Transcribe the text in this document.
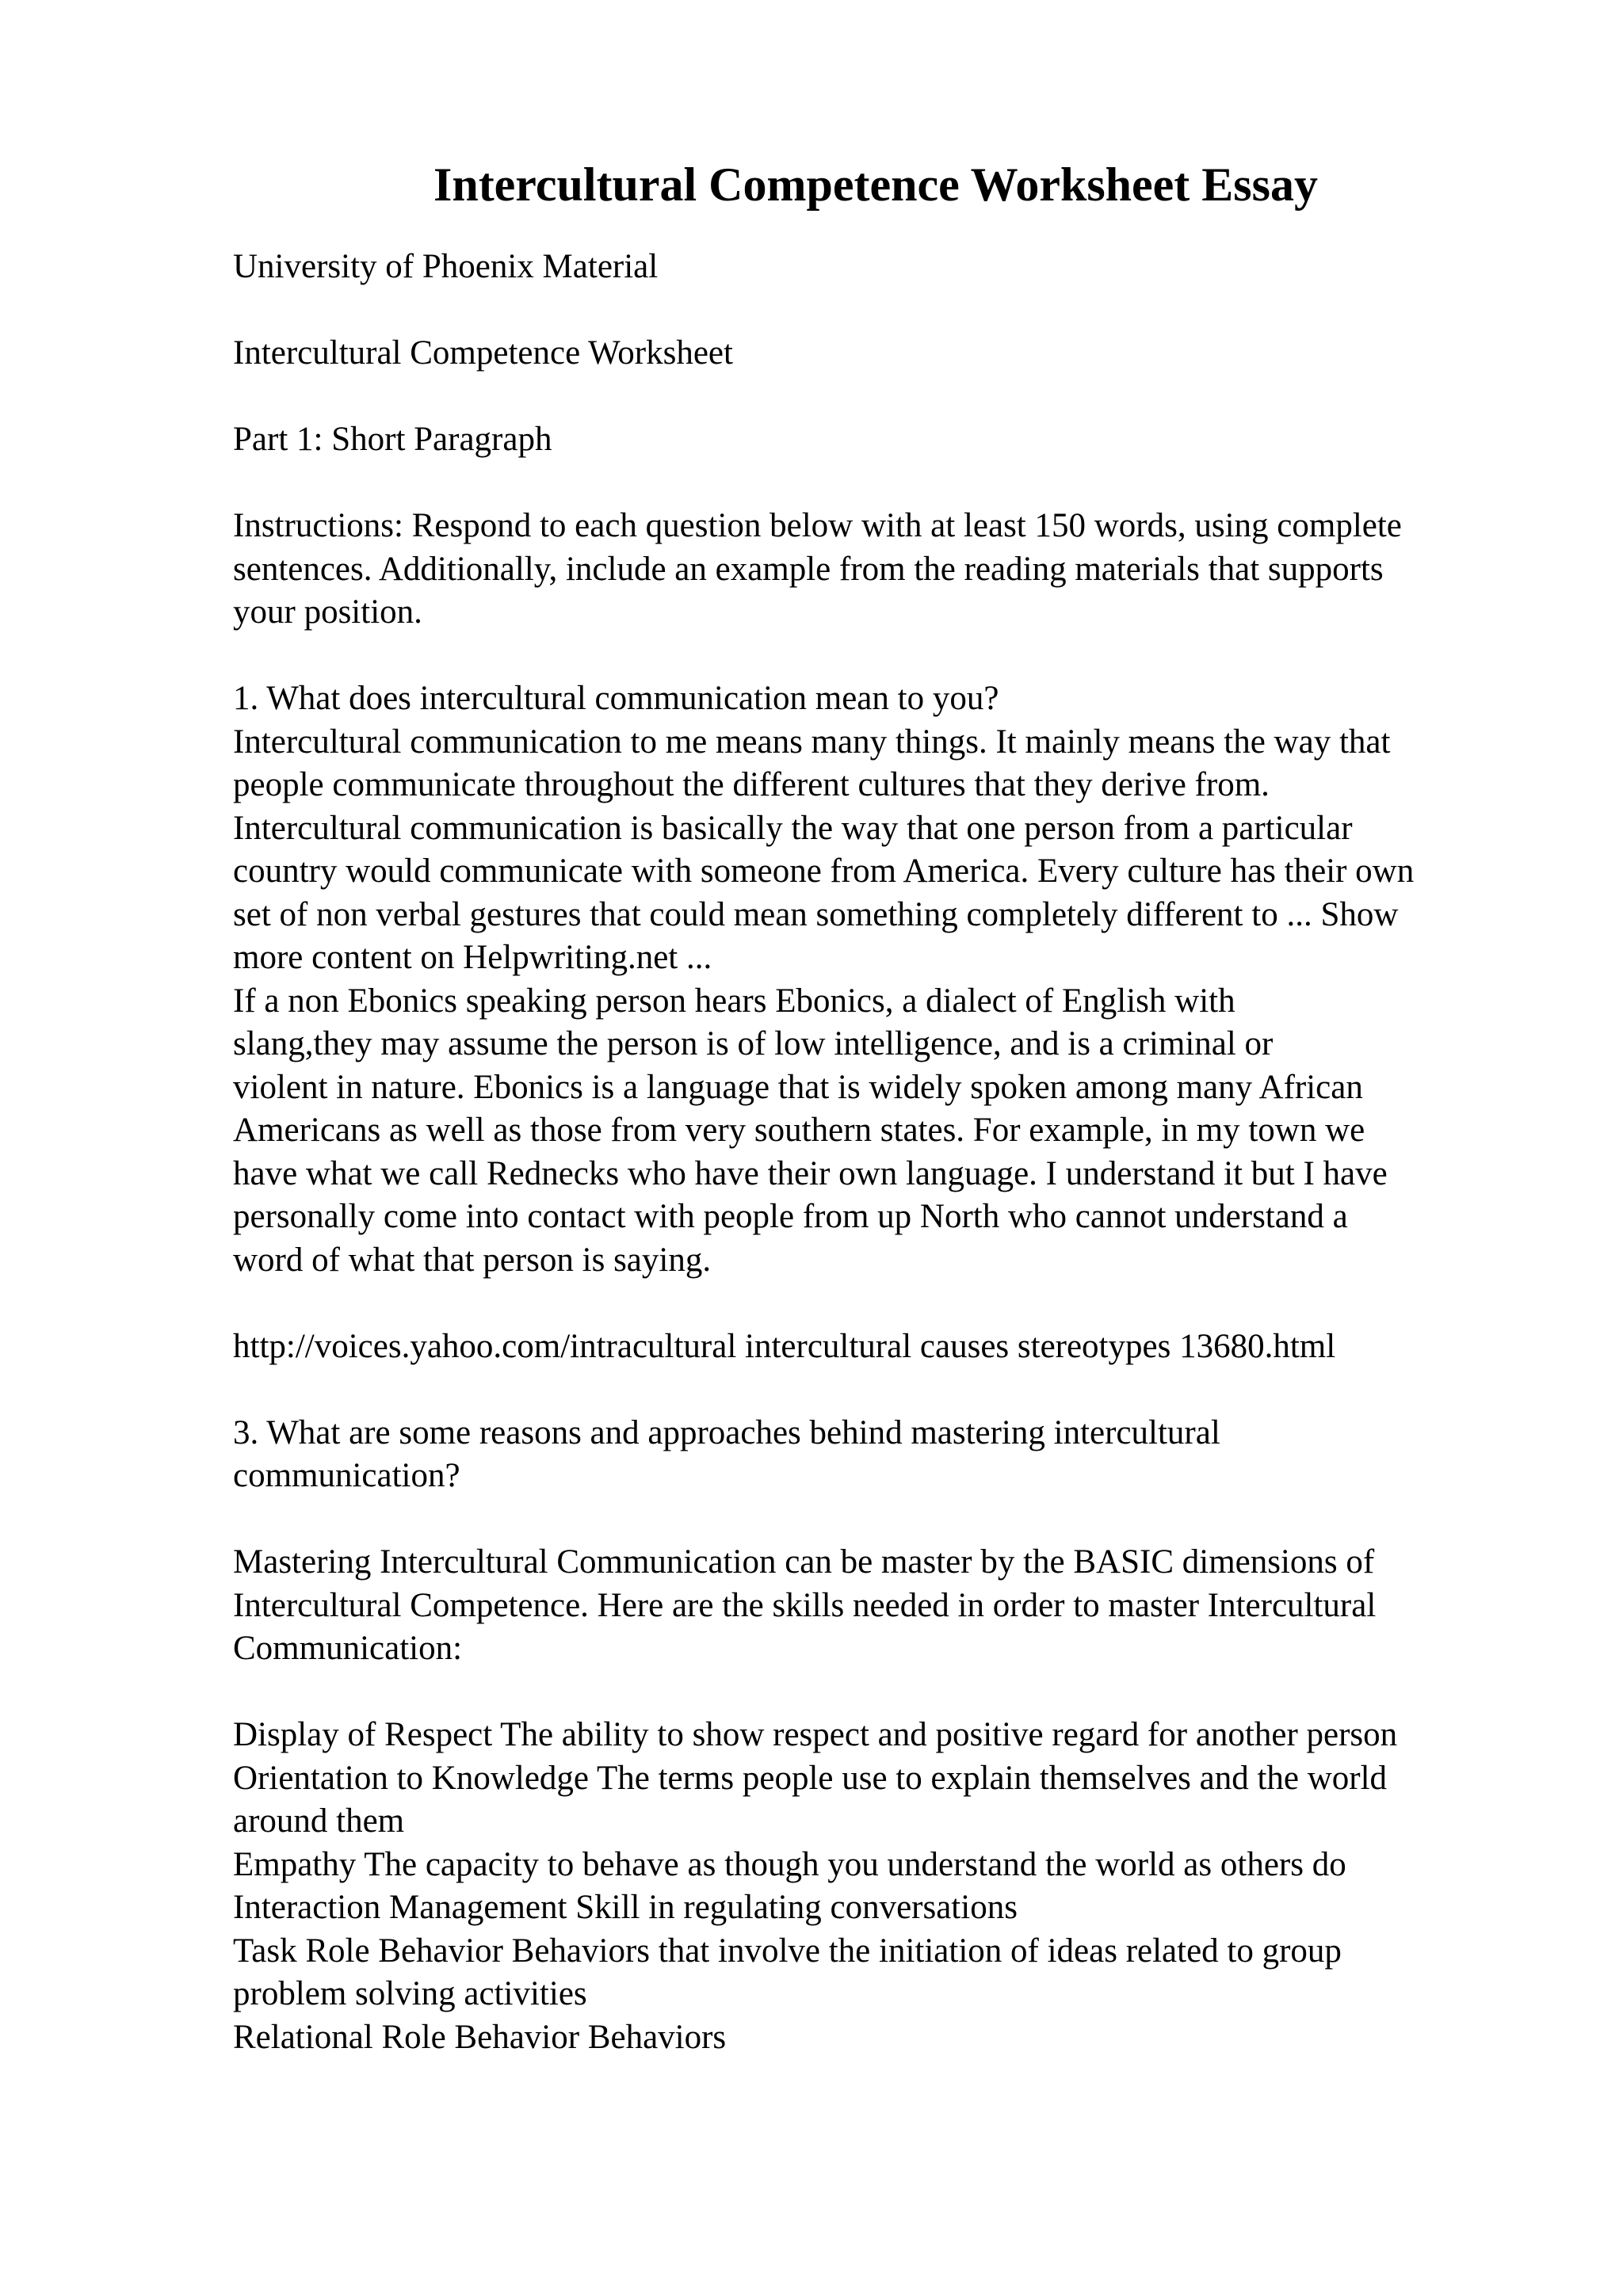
Intercultural Competence Worksheet Essay

University of Phoenix Material

Intercultural Competence Worksheet

Part 1: Short Paragraph

Instructions: Respond to each question below with at least 150 words, using complete

sentences. Additionally, include an example from the reading materials that supports

your position.

1. What does intercultural communication mean to you?

Intercultural communication to me means many things. It mainly means the way that

people communicate throughout the different cultures that they derive from.

Intercultural communication is basically the way that one person from a particular

country would communicate with someone from America. Every culture has their own

set of non verbal gestures that could mean something completely different to ... Show

more content on Helpwriting.net ...

If a non Ebonics speaking person hears Ebonics, a dialect of English with

slang,they may assume the person is of low intelligence, and is a criminal or

violent in nature. Ebonics is a language that is widely spoken among many African

Americans as well as those from very southern states. For example, in my town we

have what we call Rednecks who have their own language. I understand it but I have

personally come into contact with people from up North who cannot understand a

word of what that person is saying.

http://voices.yahoo.com/intracultural intercultural causes stereotypes 13680.html

3. What are some reasons and approaches behind mastering intercultural

communication?

Mastering Intercultural Communication can be master by the BASIC dimensions of

Intercultural Competence. Here are the skills needed in order to master Intercultural

Communication:

Display of Respect The ability to show respect and positive regard for another person

Orientation to Knowledge The terms people use to explain themselves and the world

around them

Empathy The capacity to behave as though you understand the world as others do

Interaction Management Skill in regulating conversations

Task Role Behavior Behaviors that involve the initiation of ideas related to group

problem solving activities

Relational Role Behavior Behaviors
